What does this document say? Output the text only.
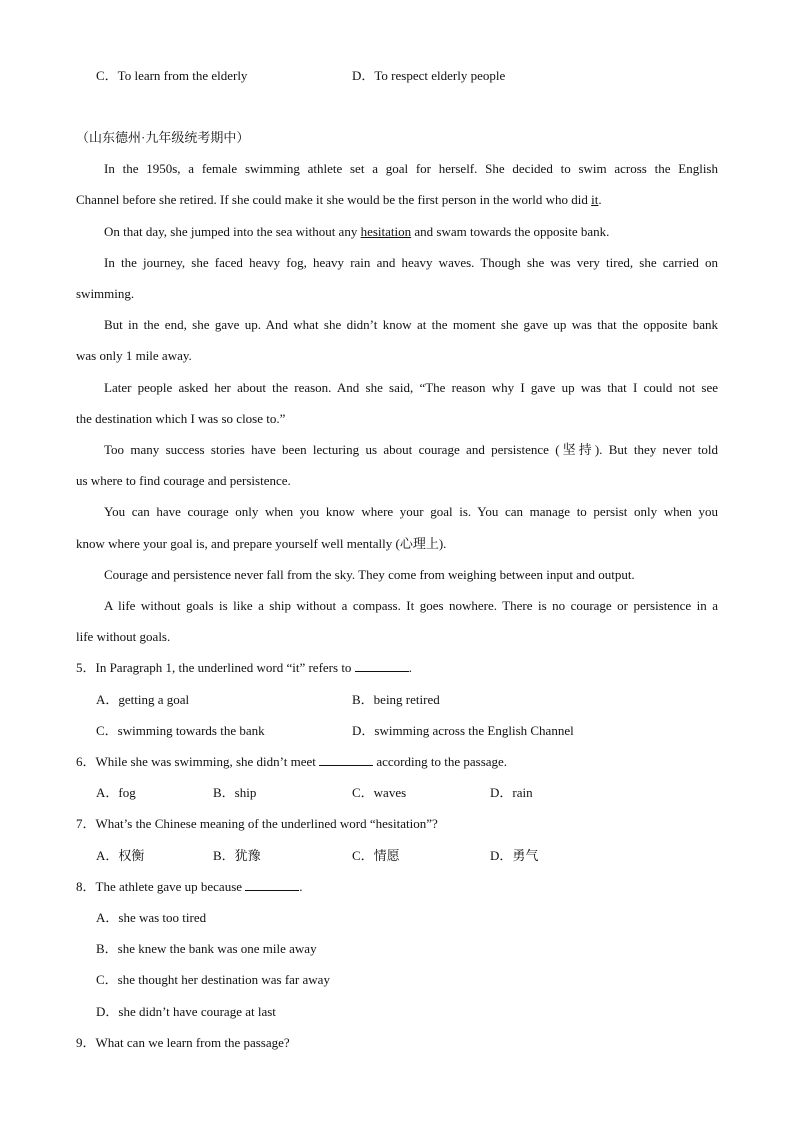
C．To learn from the elderly	D．To respect elderly people
（山东德州·九年级统考期中）
In the 1950s, a female swimming athlete set a goal for herself. She decided to swim across the English
Channel before she retired. If she could make it she would be the first person in the world who did it.
On that day, she jumped into the sea without any hesitation and swam towards the opposite bank.
In the journey, she faced heavy fog, heavy rain and heavy waves. Though she was very tired, she carried on
swimming.
But in the end, she gave up. And what she didn’t know at the moment she gave up was that the opposite bank
was only 1 mile away.
Later people asked her about the reason. And she said, “The reason why I gave up was that I could not see
the destination which I was so close to.”
Too many success stories have been lecturing us about courage and persistence (坚持). But they never told
us where to find courage and persistence.
You can have courage only when you know where your goal is. You can manage to persist only when you
know where your goal is, and prepare yourself well mentally (心理上).
Courage and persistence never fall from the sky. They come from weighing between input and output.
A life without goals is like a ship without a compass. It goes nowhere. There is no courage or persistence in a
life without goals.
5．In Paragraph 1, the underlined word “it” refers to	.
A．getting a goal	B．being retired
C．swimming towards the bank	D．swimming across the English Channel
6．While she was swimming, she didn’t meet	according to the passage.
A．fog	B．ship	C．waves	D．rain
7．What’s the Chinese meaning of the underlined word “hesitation”?
A．权衡	B．犹豫	C．情愿	D．勇气
8．The athlete gave up because	.
A．she was too tired
B．she knew the bank was one mile away
C．she thought her destination was far away
D．she didn’t have courage at last
9．What can we learn from the passage?
